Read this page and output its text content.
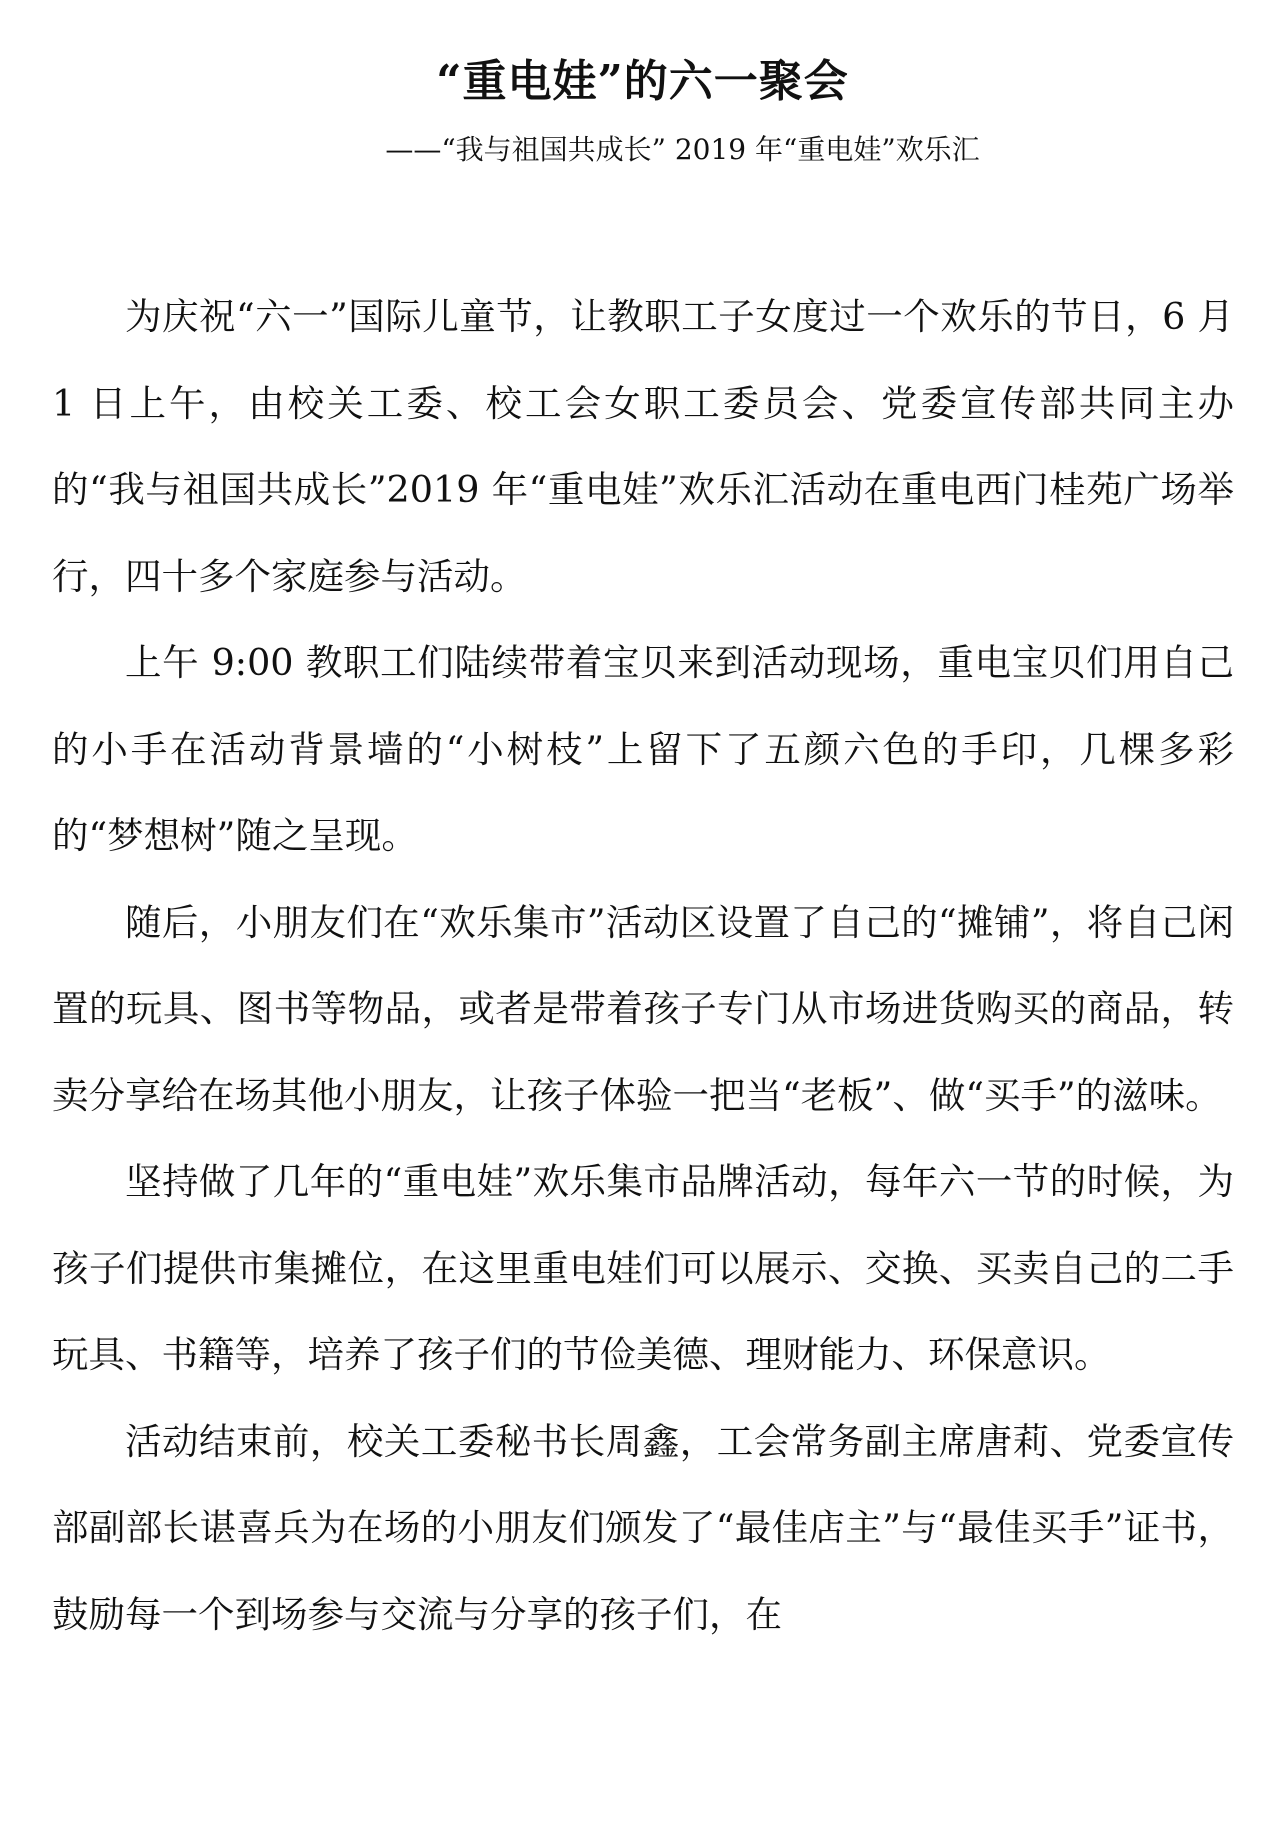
“重电娃”的六一聚会
——“我与祖国共成长” 2019 年“重电娃”欢乐汇

为庆祝“六一”国际儿童节，让教职工子女度过一个欢乐的节日，6 月 1 日上午，由校关工委、校工会女职工委员会、党委宣传部共同主办的“我与祖国共成长”2019 年“重电娃”欢乐汇活动在重电西门桂苑广场举行，四十多个家庭参与活动。

上午 9:00 教职工们陆续带着宝贝来到活动现场，重电宝贝们用自己的小手在活动背景墙的“小树枝”上留下了五颜六色的手印，几棵多彩的“梦想树”随之呈现。

随后，小朋友们在“欢乐集市”活动区设置了自己的“摊铺”，将自己闲置的玩具、图书等物品，或者是带着孩子专门从市场进货购买的商品，转卖分享给在场其他小朋友，让孩子体验一把当“老板”、做“买手”的滋味。

坚持做了几年的“重电娃”欢乐集市品牌活动，每年六一节的时候，为孩子们提供市集摊位，在这里重电娃们可以展示、交换、买卖自己的二手玩具、书籍等，培养了孩子们的节俭美德、理财能力、环保意识。

活动结束前，校关工委秘书长周鑫，工会常务副主席唐莉、党委宣传部副部长谌喜兵为在场的小朋友们颁发了“最佳店主”与“最佳买手”证书，鼓励每一个到场参与交流与分享的孩子们，在
